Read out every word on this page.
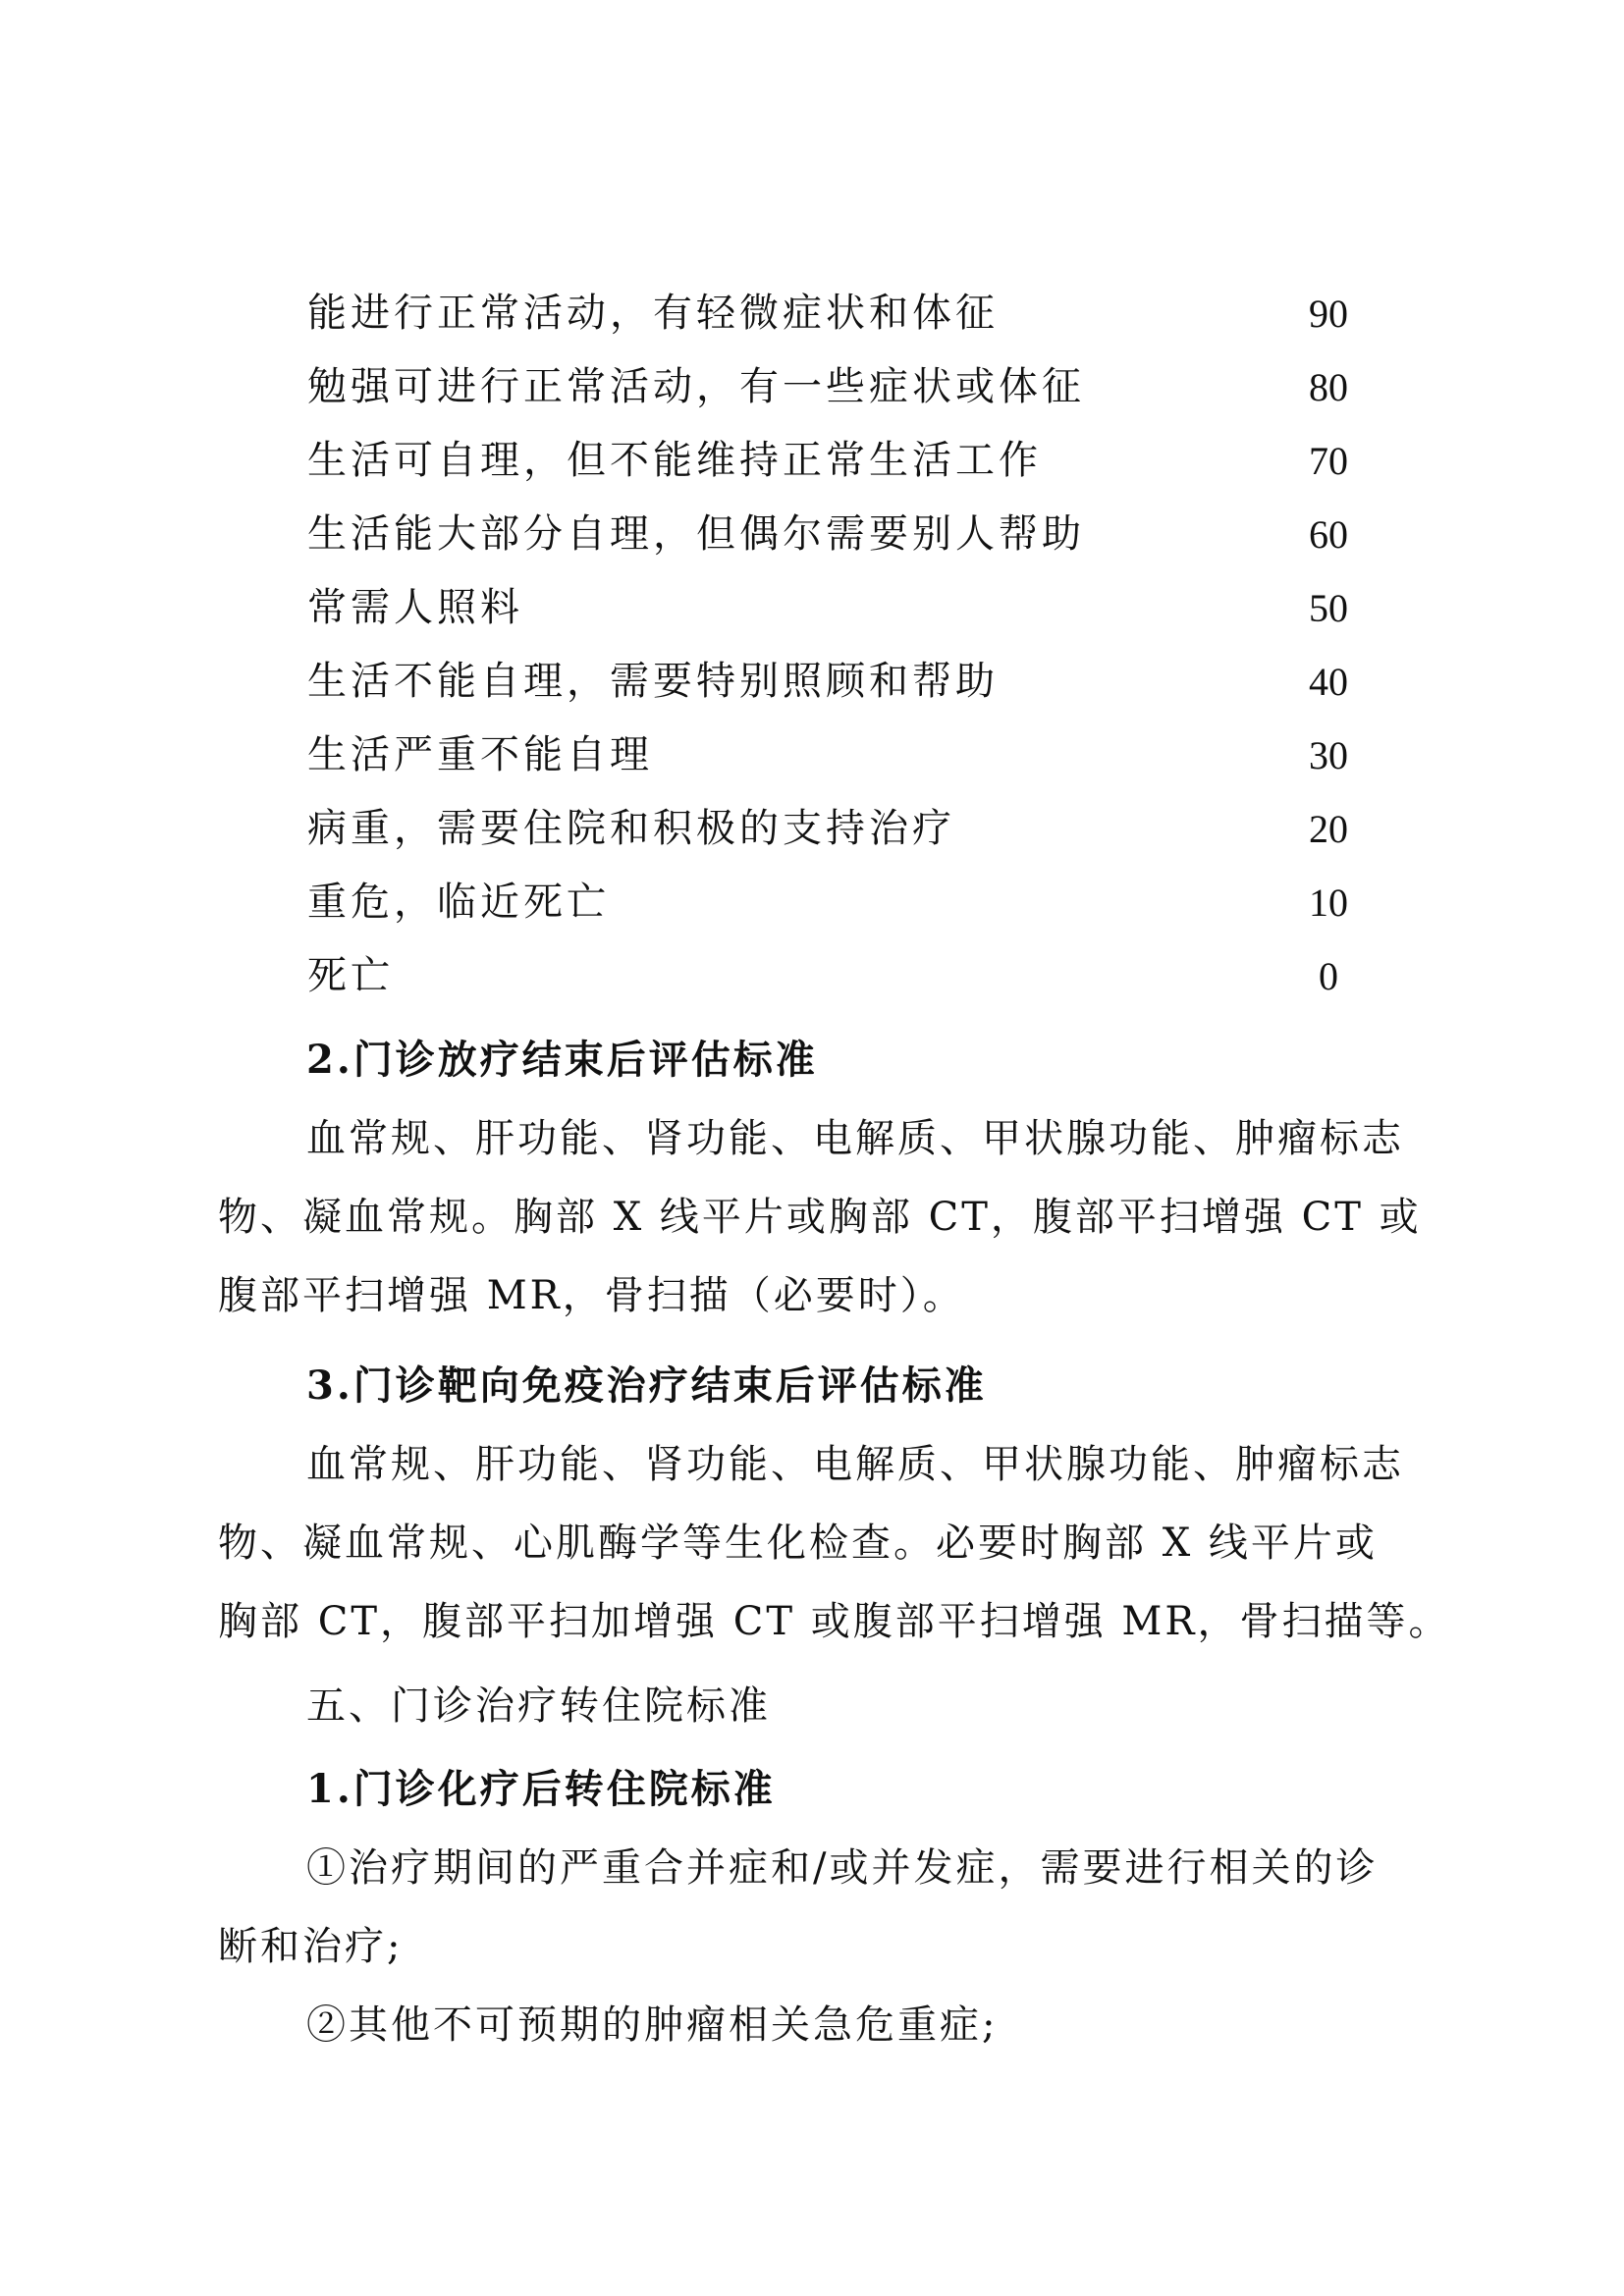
能进行正常活动，有轻微症状和体征	90
勉强可进行正常活动，有一些症状或体征	80
生活可自理，但不能维持正常生活工作	70
生活能大部分自理，但偶尔需要别人帮助	60
常需人照料	50
生活不能自理，需要特别照顾和帮助	40
生活严重不能自理	30
病重，需要住院和积极的支持治疗	20
重危，临近死亡	10
死亡	0
2.门诊放疗结束后评估标准
血常规、肝功能、肾功能、电解质、甲状腺功能、肿瘤标志
物、凝血常规。胸部 X 线平片或胸部 CT，腹部平扫增强 CT 或
腹部平扫增强 MR，骨扫描（必要时）。
3.门诊靶向免疫治疗结束后评估标准
血常规、肝功能、肾功能、电解质、甲状腺功能、肿瘤标志
物、凝血常规、心肌酶学等生化检查。必要时胸部 X 线平片或
胸部 CT，腹部平扫加增强 CT 或腹部平扫增强 MR，骨扫描等。
五、门诊治疗转住院标准
1.门诊化疗后转住院标准
①治疗期间的严重合并症和/或并发症，需要进行相关的诊
断和治疗;
②其他不可预期的肿瘤相关急危重症;
